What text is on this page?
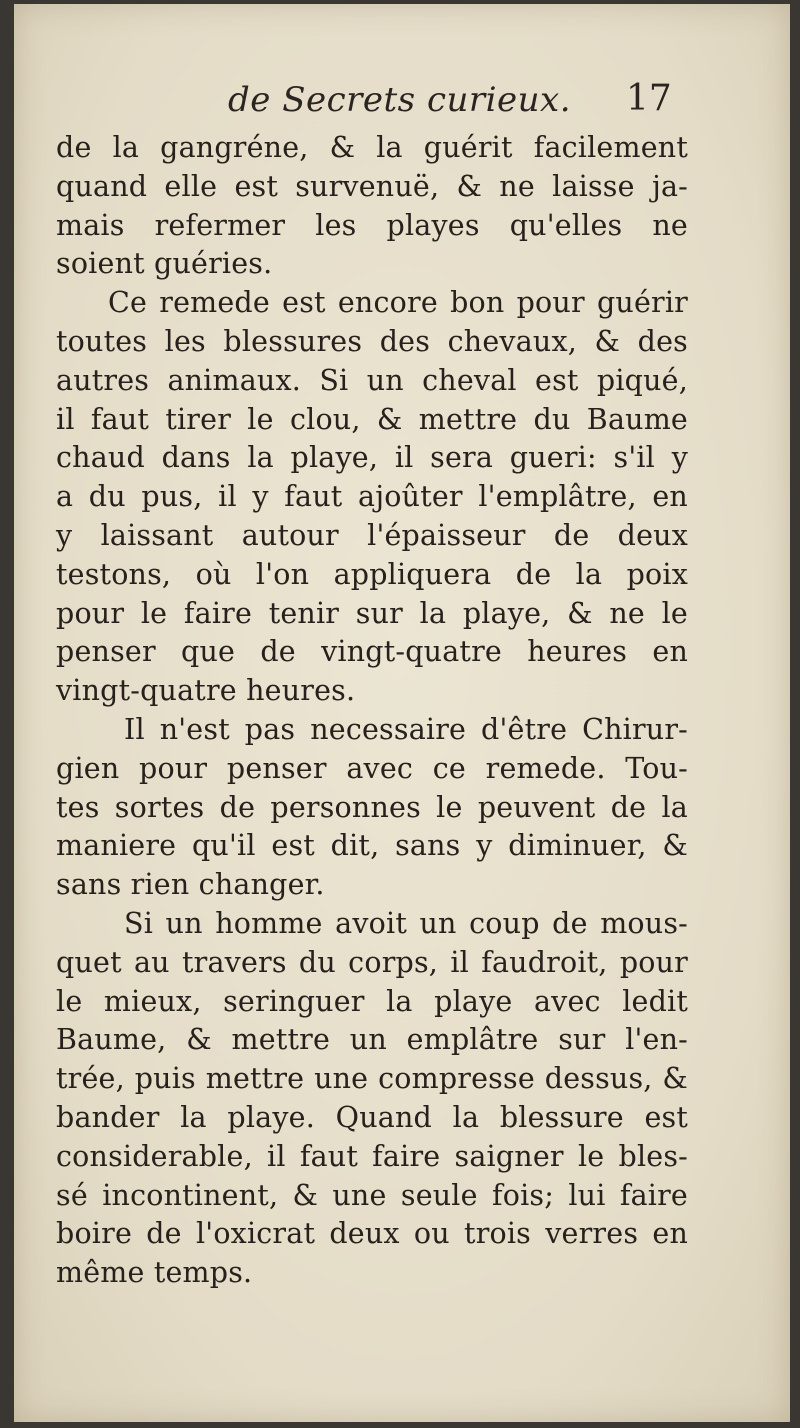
de Secrets curieux. 17
de la gangréne, & la guérit facilement
quand elle est survenuë, & ne laisse ja-
mais refermer les playes qu'elles ne
soient guéries.
Ce remede est encore bon pour guérir
toutes les blessures des chevaux, & des
autres animaux. Si un cheval est piqué,
il faut tirer le clou, & mettre du Baume
chaud dans la playe, il sera gueri: s'il y
a du pus, il y faut ajoûter l'emplâtre, en
y laissant autour l'épaisseur de deux
testons, où l'on appliquera de la poix
pour le faire tenir sur la playe, & ne le
penser que de vingt-quatre heures en
vingt-quatre heures.
Il n'est pas necessaire d'être Chirur-
gien pour penser avec ce remede. Tou-
tes sortes de personnes le peuvent de la
maniere qu'il est dit, sans y diminuer, &
sans rien changer.
Si un homme avoit un coup de mous-
quet au travers du corps, il faudroit, pour
le mieux, seringuer la playe avec ledit
Baume, & mettre un emplâtre sur l'en-
trée, puis mettre une compresse dessus, &
bander la playe. Quand la blessure est
considerable, il faut faire saigner le bles-
sé incontinent, & une seule fois; lui faire
boire de l'oxicrat deux ou trois verres en
même temps.
